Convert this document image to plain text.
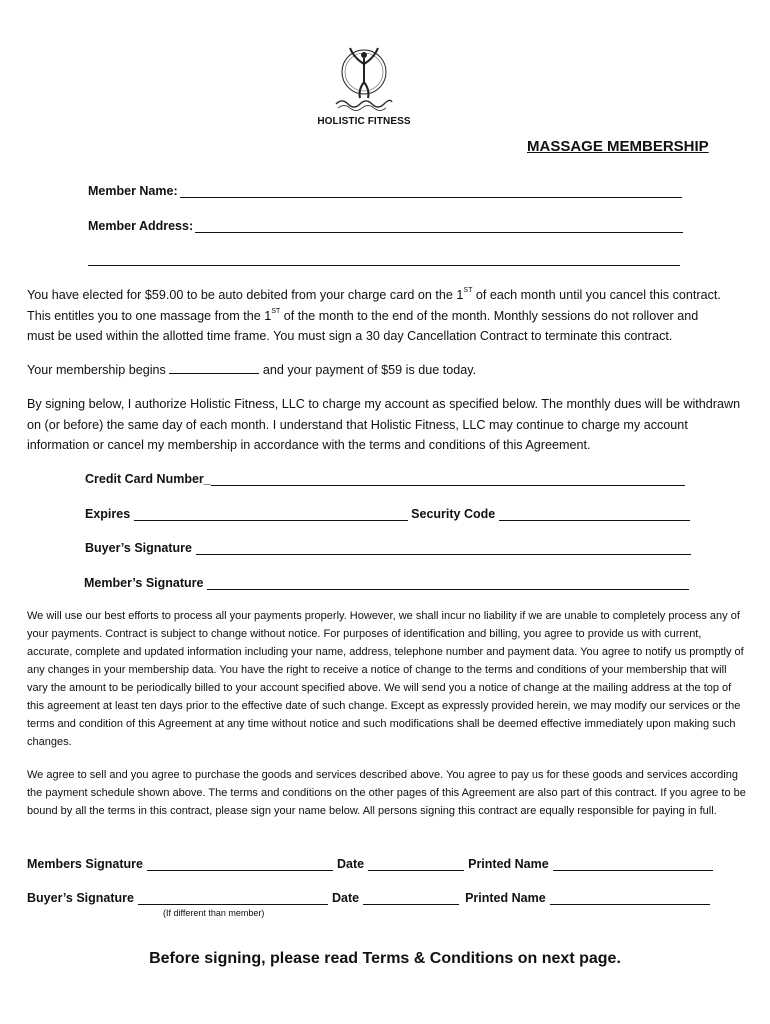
HOLISTIC FITNESS
MASSAGE MEMBERSHIP
Member Name:
Member Address:
You have elected for $59.00 to be auto debited from your charge card on the 1ST of each month until you cancel this contract.
This entitles you to one massage from the 1ST of the month to the end of the month. Monthly sessions do not rollover and
must be used within the allotted time frame. You must sign a 30 day Cancellation Contract to terminate this contract.
Your membership begins	and your payment of $59 is due today.
By signing below, I authorize Holistic Fitness, LLC to charge my account as specified below. The monthly dues will be withdrawn on (or before) the same day of each month. I understand that Holistic Fitness, LLC may continue to charge my account information or cancel my membership in accordance with the terms and conditions of this Agreement.
Credit Card Number_
Expires	Security Code
Buyer’s Signature
Member’s Signature
We will use our best efforts to process all your payments properly. However, we shall incur no liability if we are unable to completely process any of your payments. Contract is subject to change without notice. For purposes of identification and billing, you agree to provide us with current, accurate, complete and updated information including your name, address, telephone number and payment data. You agree to notify us promptly of any changes in your membership data. You have the right to receive a notice of change to the terms and conditions of your membership that will vary the amount to be periodically billed to your account specified above. We will send you a notice of change at the mailing address at the top of this agreement at least ten days prior to the effective date of such change. Except as expressly provided herein, we may modify our services or the terms and condition of this Agreement at any time without notice and such modifications shall be deemed effective immediately upon making such changes.
We agree to sell and you agree to purchase the goods and services described above. You agree to pay us for these goods and services according the payment schedule shown above. The terms and conditions on the other pages of this Agreement are also part of this contract. If you agree to be bound by all the terms in this contract, please sign your name below. All persons signing this contract are equally responsible for paying in full.
Members Signature	Date	Printed Name
Buyer’s Signature	Date	Printed Name
(If different than member)
Before signing, please read Terms & Conditions on next page.
